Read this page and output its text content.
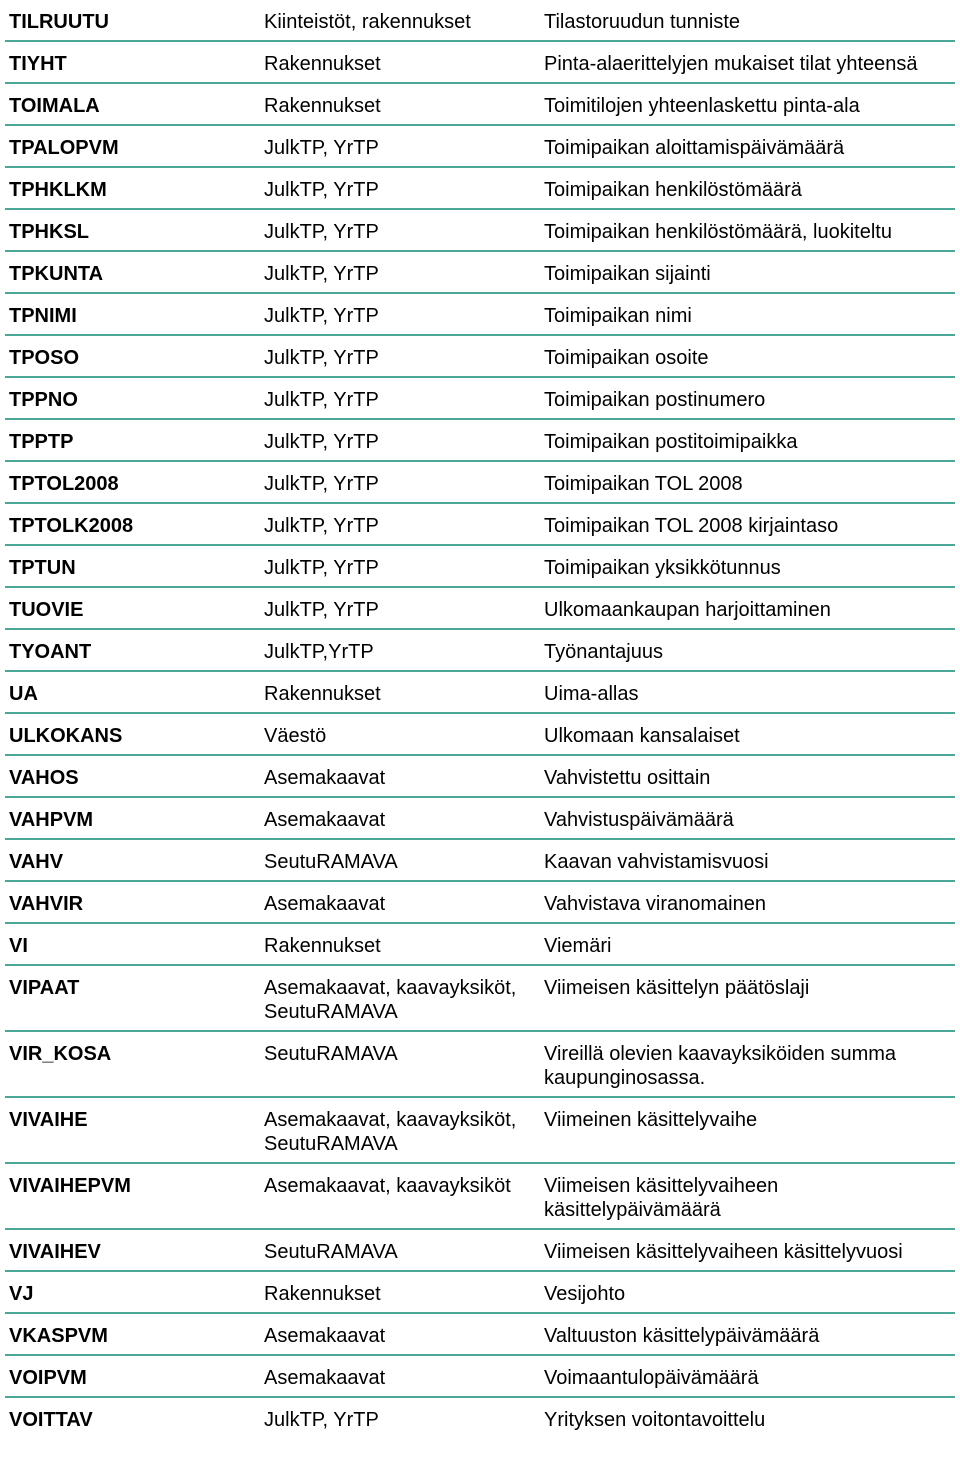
TILRUUTU	Kiinteistöt, rakennukset	Tilastoruudun tunniste
TIYHT	Rakennukset	Pinta-alaerittelyjen mukaiset tilat yhteensä
TOIMALA	Rakennukset	Toimitilojen yhteenlaskettu pinta-ala
TPALOPVM	JulkTP, YrTP	Toimipaikan aloittamispäivämäärä
TPHKLKM	JulkTP, YrTP	Toimipaikan henkilöstömäärä
TPHKSL	JulkTP, YrTP	Toimipaikan henkilöstömäärä, luokiteltu
TPKUNTA	JulkTP, YrTP	Toimipaikan sijainti
TPNIMI	JulkTP, YrTP	Toimipaikan nimi
TPOSO	JulkTP, YrTP	Toimipaikan osoite
TPPNO	JulkTP, YrTP	Toimipaikan postinumero
TPPTP	JulkTP, YrTP	Toimipaikan postitoimipaikka
TPTOL2008	JulkTP, YrTP	Toimipaikan TOL 2008
TPTOLK2008	JulkTP, YrTP	Toimipaikan TOL 2008 kirjaintaso
TPTUN	JulkTP, YrTP	Toimipaikan yksikkötunnus
TUOVIE	JulkTP, YrTP	Ulkomaankaupan harjoittaminen
TYOANT	JulkTP,YrTP	Työnantajuus
UA	Rakennukset	Uima-allas
ULKOKANS	Väestö	Ulkomaan kansalaiset
VAHOS	Asemakaavat	Vahvistettu osittain
VAHPVM	Asemakaavat	Vahvistuspäivämäärä
VAHV	SeutuRAMAVA	Kaavan vahvistamisvuosi
VAHVIR	Asemakaavat	Vahvistava viranomainen
VI	Rakennukset	Viemäri
VIPAAT	Asemakaavat, kaavayksiköt, SeutuRAMAVA	Viimeisen käsittelyn päätöslaji
VIR_KOSA	SeutuRAMAVA	Vireillä olevien kaavayksiköiden summa kaupunginosassa.
VIVAIHE	Asemakaavat, kaavayksiköt, SeutuRAMAVA	Viimeinen käsittelyvaihe
VIVAIHEPVM	Asemakaavat, kaavayksiköt	Viimeisen käsittelyvaiheen käsittelypäivämäärä
VIVAIHEV	SeutuRAMAVA	Viimeisen käsittelyvaiheen käsittelyvuosi
VJ	Rakennukset	Vesijohto
VKASPVM	Asemakaavat	Valtuuston käsittelypäivämäärä
VOIPVM	Asemakaavat	Voimaantulopäivämäärä
VOITTAV	JulkTP, YrTP	Yrityksen voitontavoittelu
